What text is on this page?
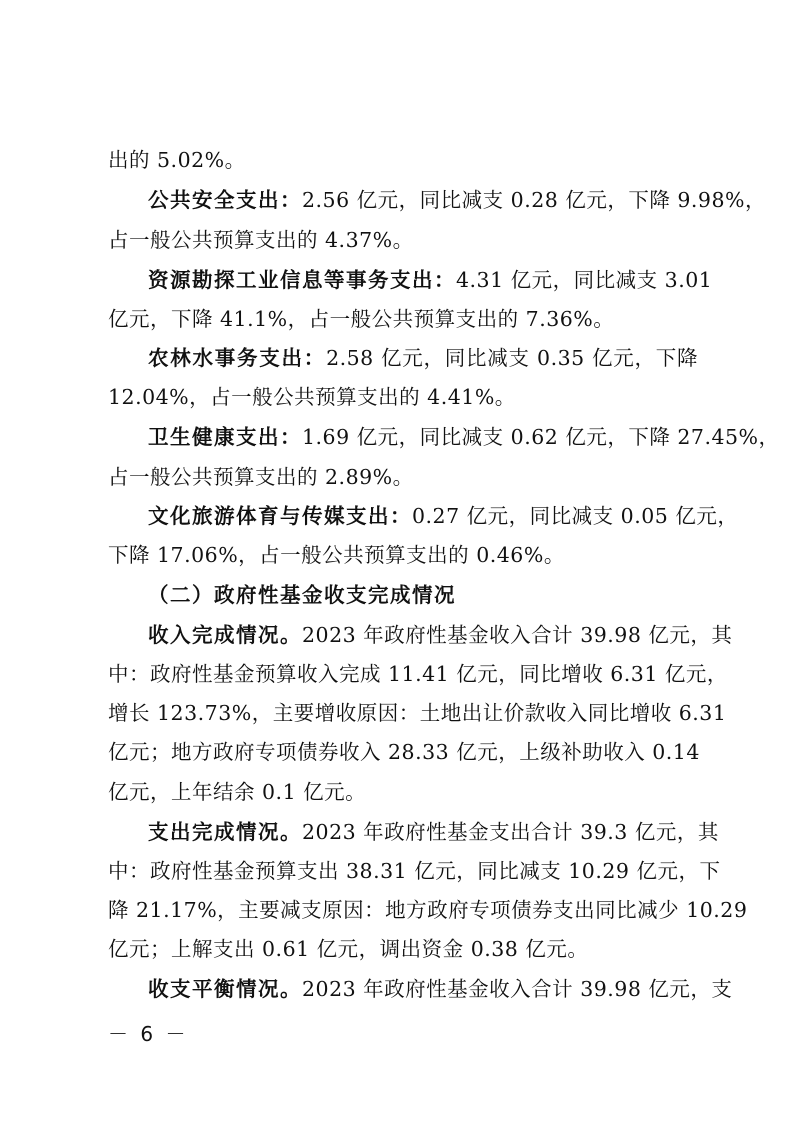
出的 5.02%。
公共安全支出：2.56 亿元，同比减支 0.28 亿元，下降 9.98%，
占一般公共预算支出的 4.37%。
资源勘探工业信息等事务支出：4.31 亿元，同比减支 3.01
亿元，下降 41.1%，占一般公共预算支出的 7.36%。
农林水事务支出：2.58 亿元，同比减支 0.35 亿元，下降
12.04%，占一般公共预算支出的 4.41%。
卫生健康支出：1.69 亿元，同比减支 0.62 亿元，下降 27.45%，
占一般公共预算支出的 2.89%。
文化旅游体育与传媒支出：0.27 亿元，同比减支 0.05 亿元，
下降 17.06%，占一般公共预算支出的 0.46%。
（二）政府性基金收支完成情况
收入完成情况。2023 年政府性基金收入合计 39.98 亿元，其
中：政府性基金预算收入完成 11.41 亿元，同比增收 6.31 亿元，
增长 123.73%，主要增收原因：土地出让价款收入同比增收 6.31
亿元；地方政府专项债券收入 28.33 亿元，上级补助收入 0.14
亿元，上年结余 0.1 亿元。
支出完成情况。2023 年政府性基金支出合计 39.3 亿元，其
中：政府性基金预算支出 38.31 亿元，同比减支 10.29 亿元，下
降 21.17%，主要减支原因：地方政府专项债券支出同比减少 10.29
亿元；上解支出 0.61 亿元，调出资金 0.38 亿元。
收支平衡情况。2023 年政府性基金收入合计 39.98 亿元，支
－ 6 －
